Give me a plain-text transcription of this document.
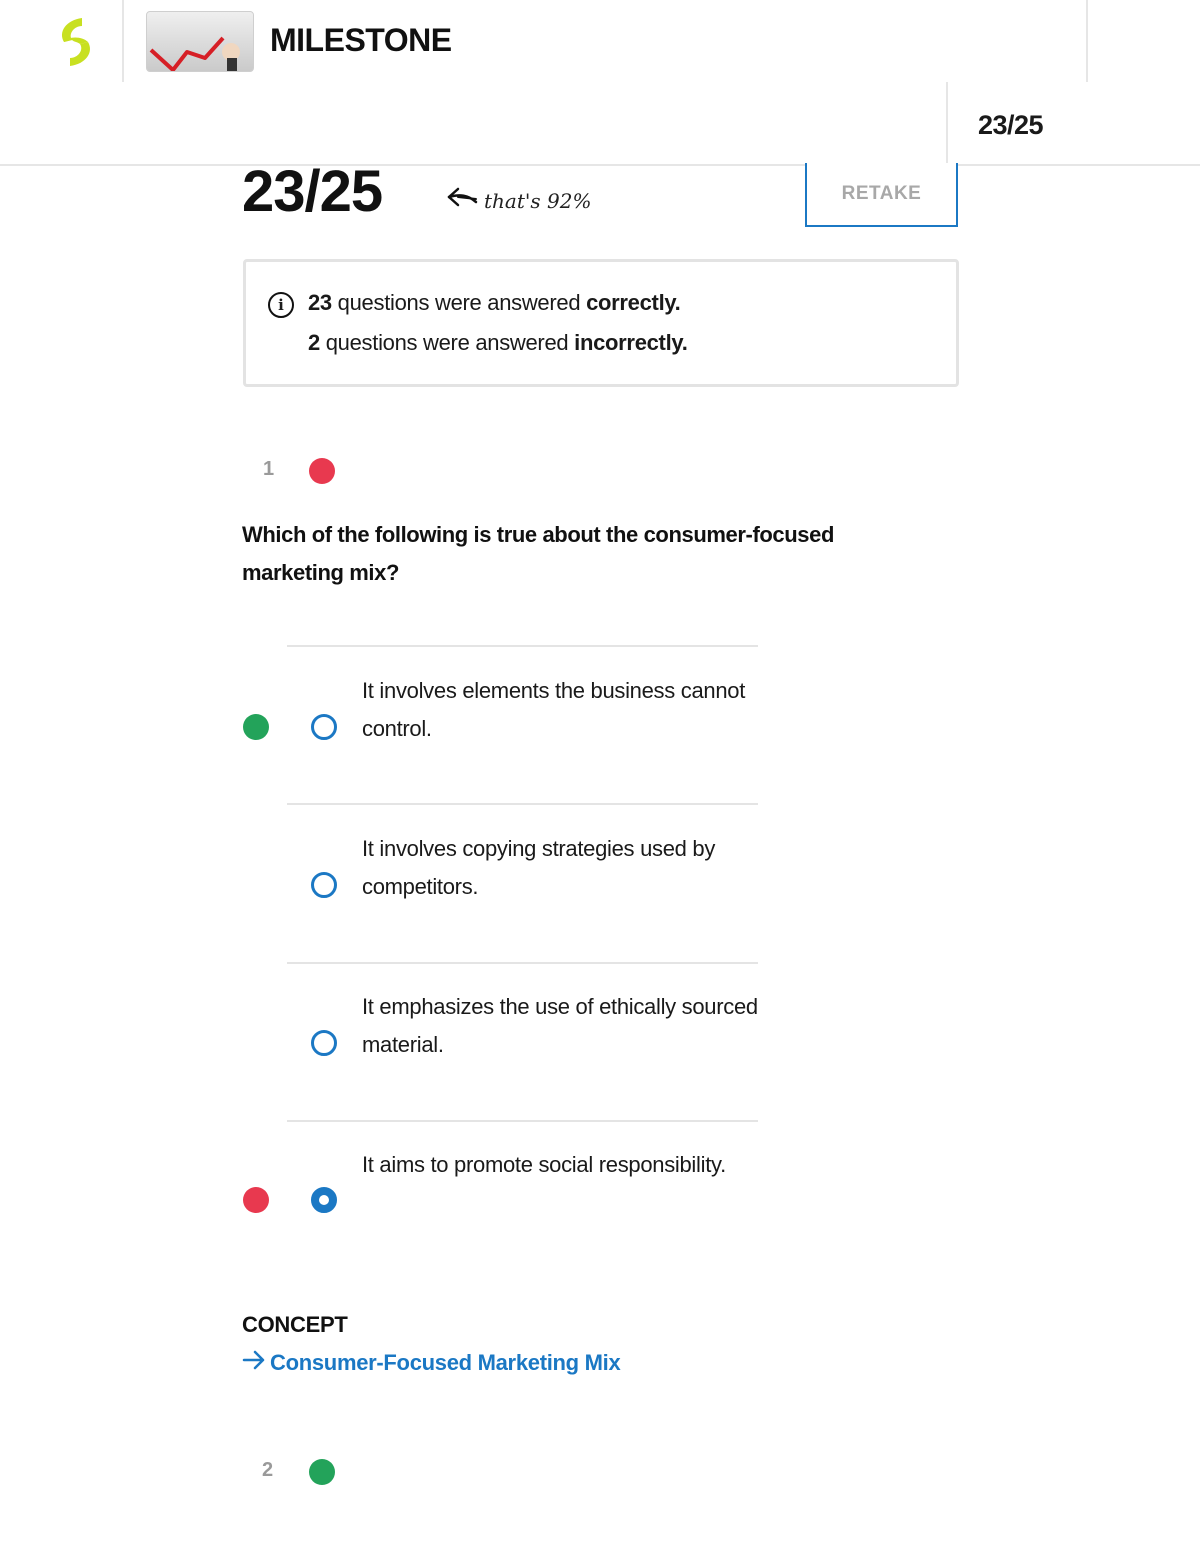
MILESTONE
23/25
23/25	that's 92%	RETAKE
i	23 questions were answered correctly.
2 questions were answered incorrectly.
1
Which of the following is true about the consumer-focused marketing mix?
It involves elements the business cannot control.
It involves copying strategies used by competitors.
It emphasizes the use of ethically sourced material.
It aims to promote social responsibility.
CONCEPT
Consumer-Focused Marketing Mix
2
